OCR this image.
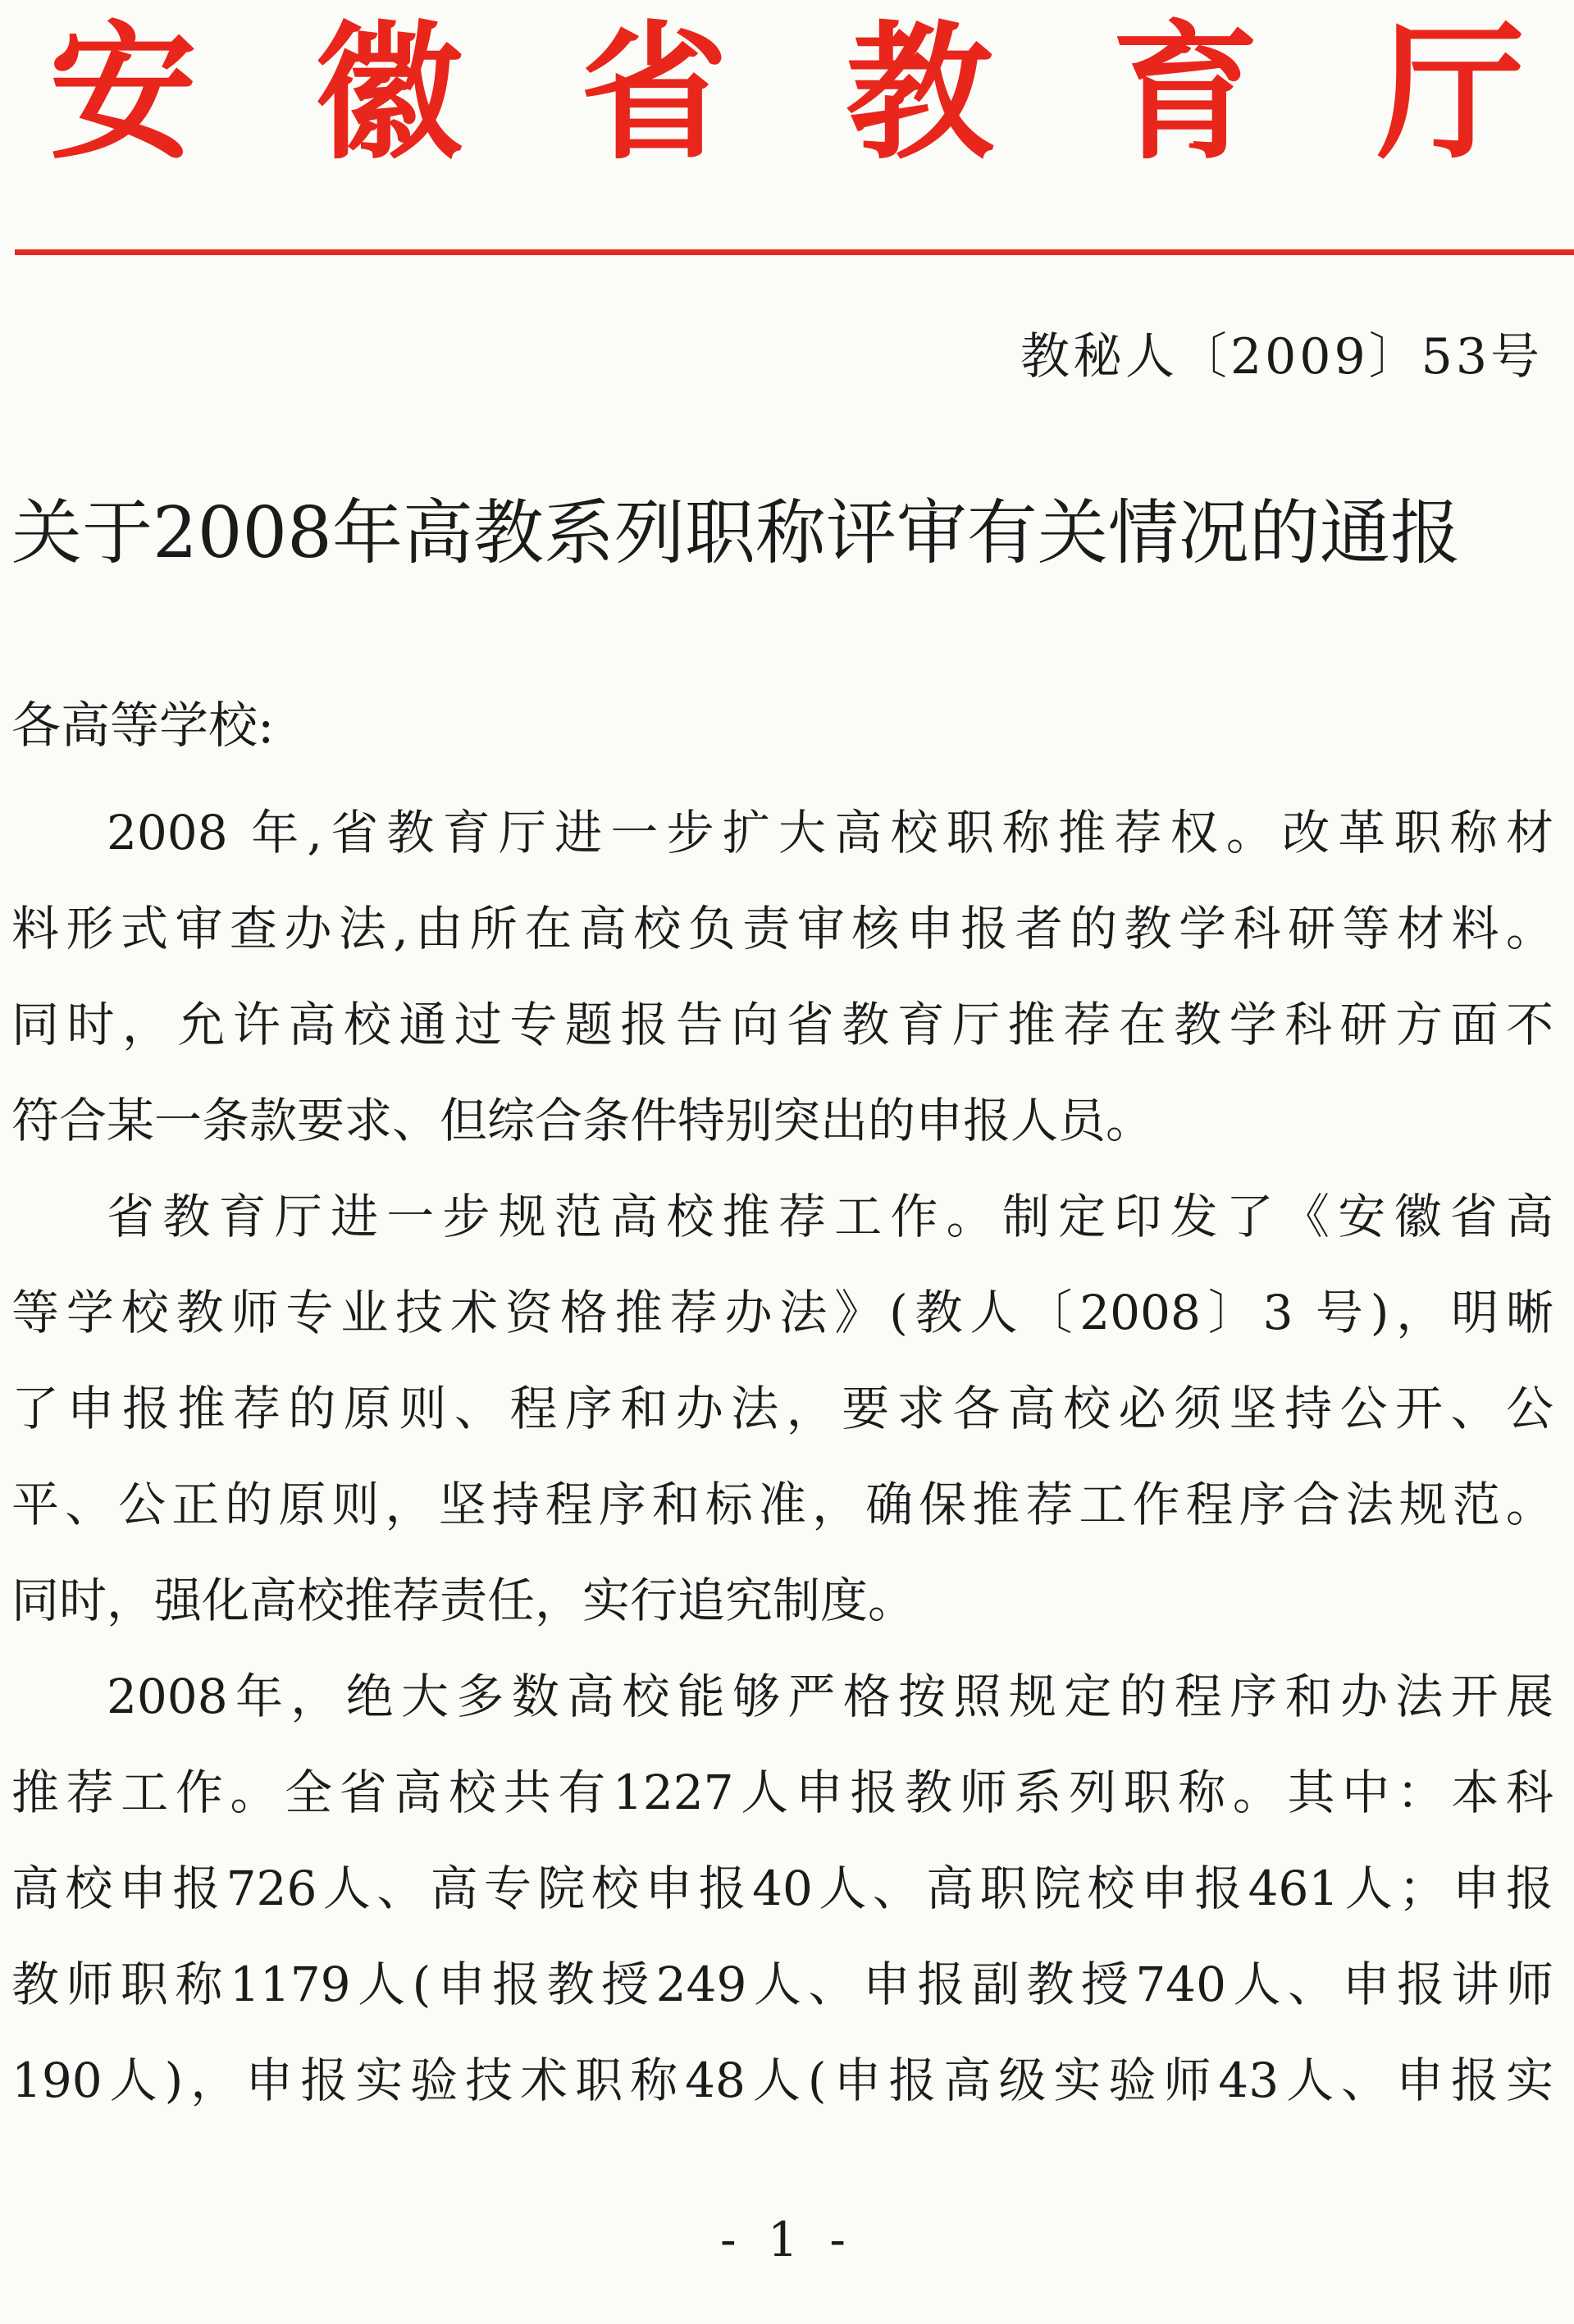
安 徽 省 教 育 厅
教秘人〔2009〕53号
关于2008年高教系列职称评审有关情况的通报
各高等学校:
2008 年,省教育厅进一步扩大高校职称推荐权。改革职称材
料形式审查办法,由所在高校负责审核申报者的教学科研等材料。
同时，允许高校通过专题报告向省教育厅推荐在教学科研方面不
符合某一条款要求、但综合条件特别突出的申报人员。
省教育厅进一步规范高校推荐工作。制定印发了《安徽省高
等学校教师专业技术资格推荐办法》(教人〔2008〕3 号)，明晰
了申报推荐的原则、程序和办法，要求各高校必须坚持公开、公
平、公正的原则，坚持程序和标准，确保推荐工作程序合法规范。
同时，强化高校推荐责任，实行追究制度。
2008年，绝大多数高校能够严格按照规定的程序和办法开展
推荐工作。全省高校共有1227人申报教师系列职称。其中：本科
高校申报726人、高专院校申报40人、高职院校申报461人；申报
教师职称1179人(申报教授249人、申报副教授740人、申报讲师
190人)，申报实验技术职称48人(申报高级实验师43人、申报实
- 1 -
